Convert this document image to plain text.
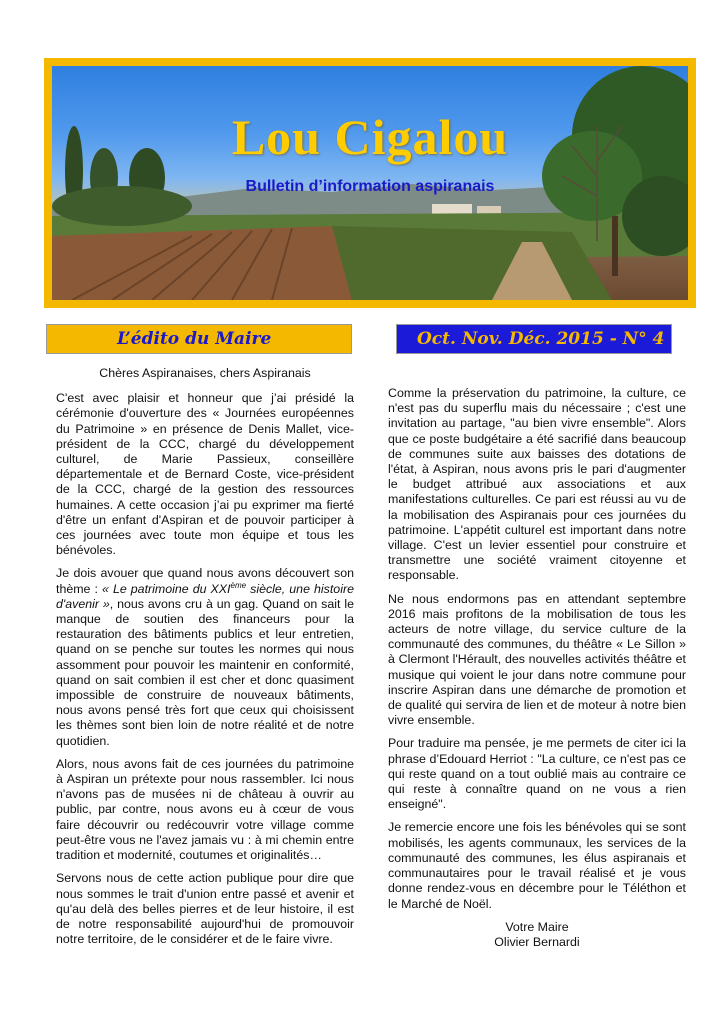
Lou Cigalou
Bulletin d’information aspiranais
L’édito du Maire	Oct. Nov. Déc. 2015 - N° 4

Chères Aspiranaises, chers Aspiranais

C'est avec plaisir et honneur que j’ai présidé la cérémonie d'ouverture des « Journées européennes du Patrimoine » en présence de Denis Mallet, vice-président de la CCC, chargé du développement culturel, de Marie Passieux, conseillère départementale et de Bernard Coste, vice-président de la CCC, chargé de la gestion des ressources humaines. A cette occasion j’ai pu exprimer ma fierté d'être un enfant d'Aspiran et de pouvoir participer à ces journées avec toute mon équipe et tous les bénévoles.

Je dois avouer que quand nous avons découvert son thème : « Le patrimoine du XXIème siècle, une histoire d'avenir », nous avons cru à un gag. Quand on sait le manque de soutien des financeurs pour la restauration des bâtiments publics et leur entretien, quand on se penche sur toutes les normes qui nous assomment pour pouvoir les maintenir en conformité, quand on sait combien il est cher et donc quasiment impossible de construire de nouveaux bâtiments, nous avons pensé très fort que ceux qui choisissent les thèmes sont bien loin de notre réalité et de notre quotidien.

Alors, nous avons fait de ces journées du patrimoine à Aspiran un prétexte pour nous rassembler. Ici nous n'avons pas de musées ni de château à ouvrir au public, par contre, nous avons eu à cœur de vous faire découvrir ou redécouvrir votre village comme peut-être vous ne l'avez jamais vu : à mi chemin entre tradition et modernité, coutumes et originalités…

Servons nous de cette action publique pour dire que nous sommes le trait d'union entre passé et avenir et qu'au delà des belles pierres et de leur histoire, il est de notre responsabilité aujourd'hui de promouvoir notre territoire, de le considérer et de le faire vivre.

Comme la préservation du patrimoine, la culture, ce n'est pas du superflu mais du nécessaire ; c'est une invitation au partage, "au bien vivre ensemble". Alors que ce poste budgétaire a été sacrifié dans beaucoup de communes suite aux baisses des dotations de l'état, à Aspiran, nous avons pris le pari d'augmenter le budget attribué aux associations et aux manifestations culturelles. Ce pari est réussi au vu de la mobilisation des Aspiranais pour ces journées du patrimoine. L'appétit culturel est important dans notre village. C'est un levier essentiel pour construire et transmettre une société vraiment citoyenne et responsable.

Ne nous endormons pas en attendant septembre 2016 mais profitons de la mobilisation de tous les acteurs de notre village, du service culture de la communauté des communes, du théâtre « Le Sillon » à Clermont l'Hérault, des nouvelles activités théâtre et musique qui voient le jour dans notre commune pour inscrire Aspiran dans une démarche de promotion et de qualité qui servira de lien et de moteur à notre bien vivre ensemble.

Pour traduire ma pensée, je me permets de citer ici la phrase d’Edouard Herriot : "La culture, ce n'est pas ce qui reste quand on a tout oublié mais au contraire ce qui reste à connaître quand on ne vous a rien enseigné".

Je remercie encore une fois les bénévoles qui se sont mobilisés, les agents communaux, les services de la communauté des communes, les élus aspiranais et communautaires pour le travail réalisé et je vous donne rendez-vous en décembre pour le Téléthon et le Marché de Noël.

Votre Maire
Olivier Bernardi
